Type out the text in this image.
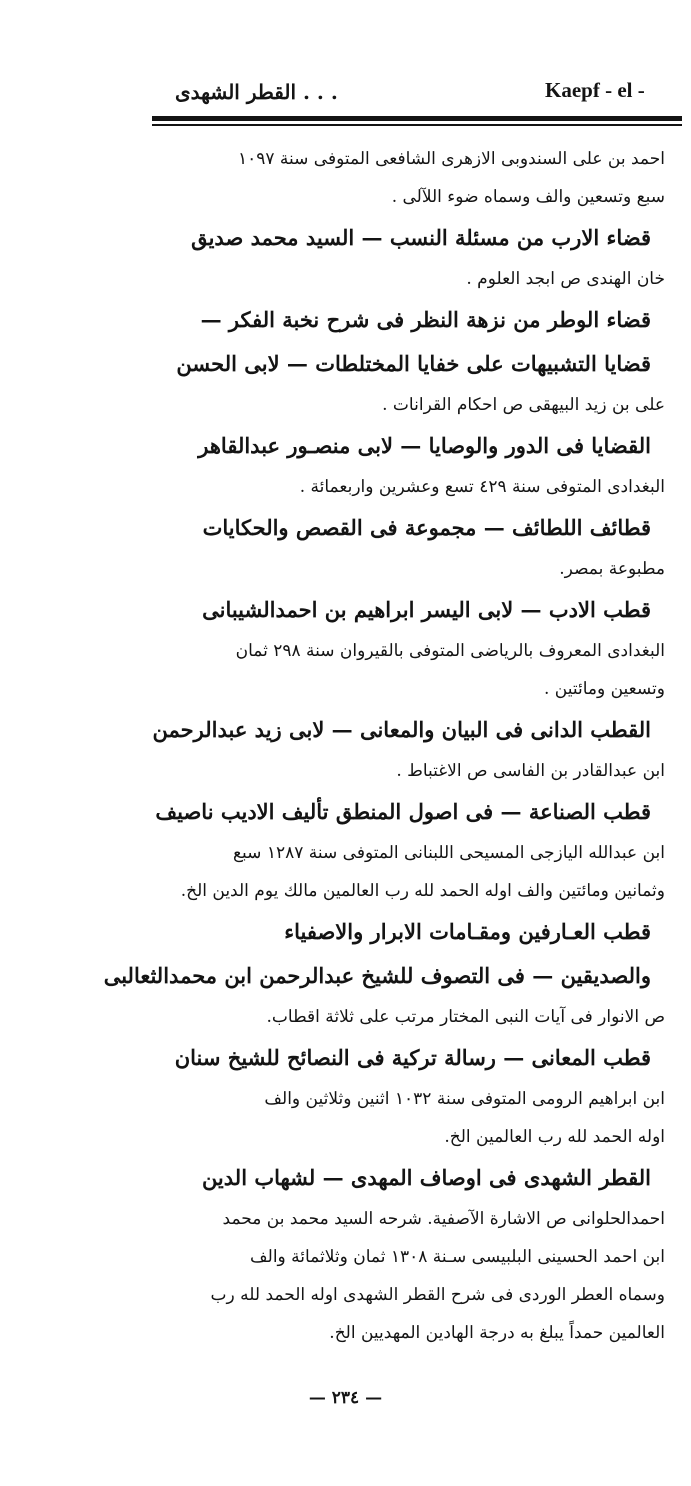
القطر الشهدى . . .	Kaepf - el -
احمد بن على السندوبى الازهرى الشافعى المتوفى سنة ١٠٩٧
سبع وتسعين والف وسماه ضوء اللآلى .
قضاء الارب من مسئلة النسب — السيد محمد صديق
خان الهندى ص ابجد العلوم .
قضاء الوطر من نزهة النظر فى شرح نخبة الفكر —
قضايا التشبيهات على خفايا المختلطات — لابى الحسن
على بن زيد البيهقى ص احكام القرانات .
القضايا فى الدور والوصايا — لابى منصـور عبدالقاهر
البغدادى المتوفى سنة ٤٢٩ تسع وعشرين واربعمائة .
قطائف اللطائف — مجموعة فى القصص والحكايات
مطبوعة بمصر.
قطب الادب — لابى اليسر ابراهيم بن احمدالشيبانى
البغدادى المعروف بالرياضى المتوفى بالقيروان سنة ٢٩٨ ثمان
وتسعين ومائتين .
القطب الدانى فى البيان والمعانى — لابى زيد عبدالرحمن
ابن عبدالقادر بن الفاسى ص الاغتباط .
قطب الصناعة — فى اصول المنطق تأليف الاديب ناصيف
ابن عبدالله اليازجى المسيحى اللبنانى المتوفى سنة ١٢٨٧ سبع
وثمانين ومائتين والف اوله الحمد لله رب العالمين مالك يوم الدين الخ.
قطب العـارفين ومقـامات الابرار والاصفياء
والصديقين — فى التصوف للشيخ عبدالرحمن ابن محمدالثعالبى
ص الانوار فى آيات النبى المختار مرتب على ثلاثة اقطاب.
قطب المعانى — رسالة تركية فى النصائح للشيخ سنان
ابن ابراهيم الرومى المتوفى سنة ١٠٣٢ اثنين وثلاثين والف
اوله الحمد لله رب العالمين الخ.
القطر الشهدى فى اوصاف المهدى — لشهاب الدين
احمدالحلوانى ص الاشارة الآصفية. شرحه السيد محمد بن محمد
ابن احمد الحسينى البلبيسى سـنة ١٣٠٨ ثمان وثلاثمائة والف
وسماه العطر الوردى فى شرح القطر الشهدى اوله الحمد لله رب
العالمين حمداً يبلغ به درجة الهادين المهديين الخ.
— ٢٣٤ —
